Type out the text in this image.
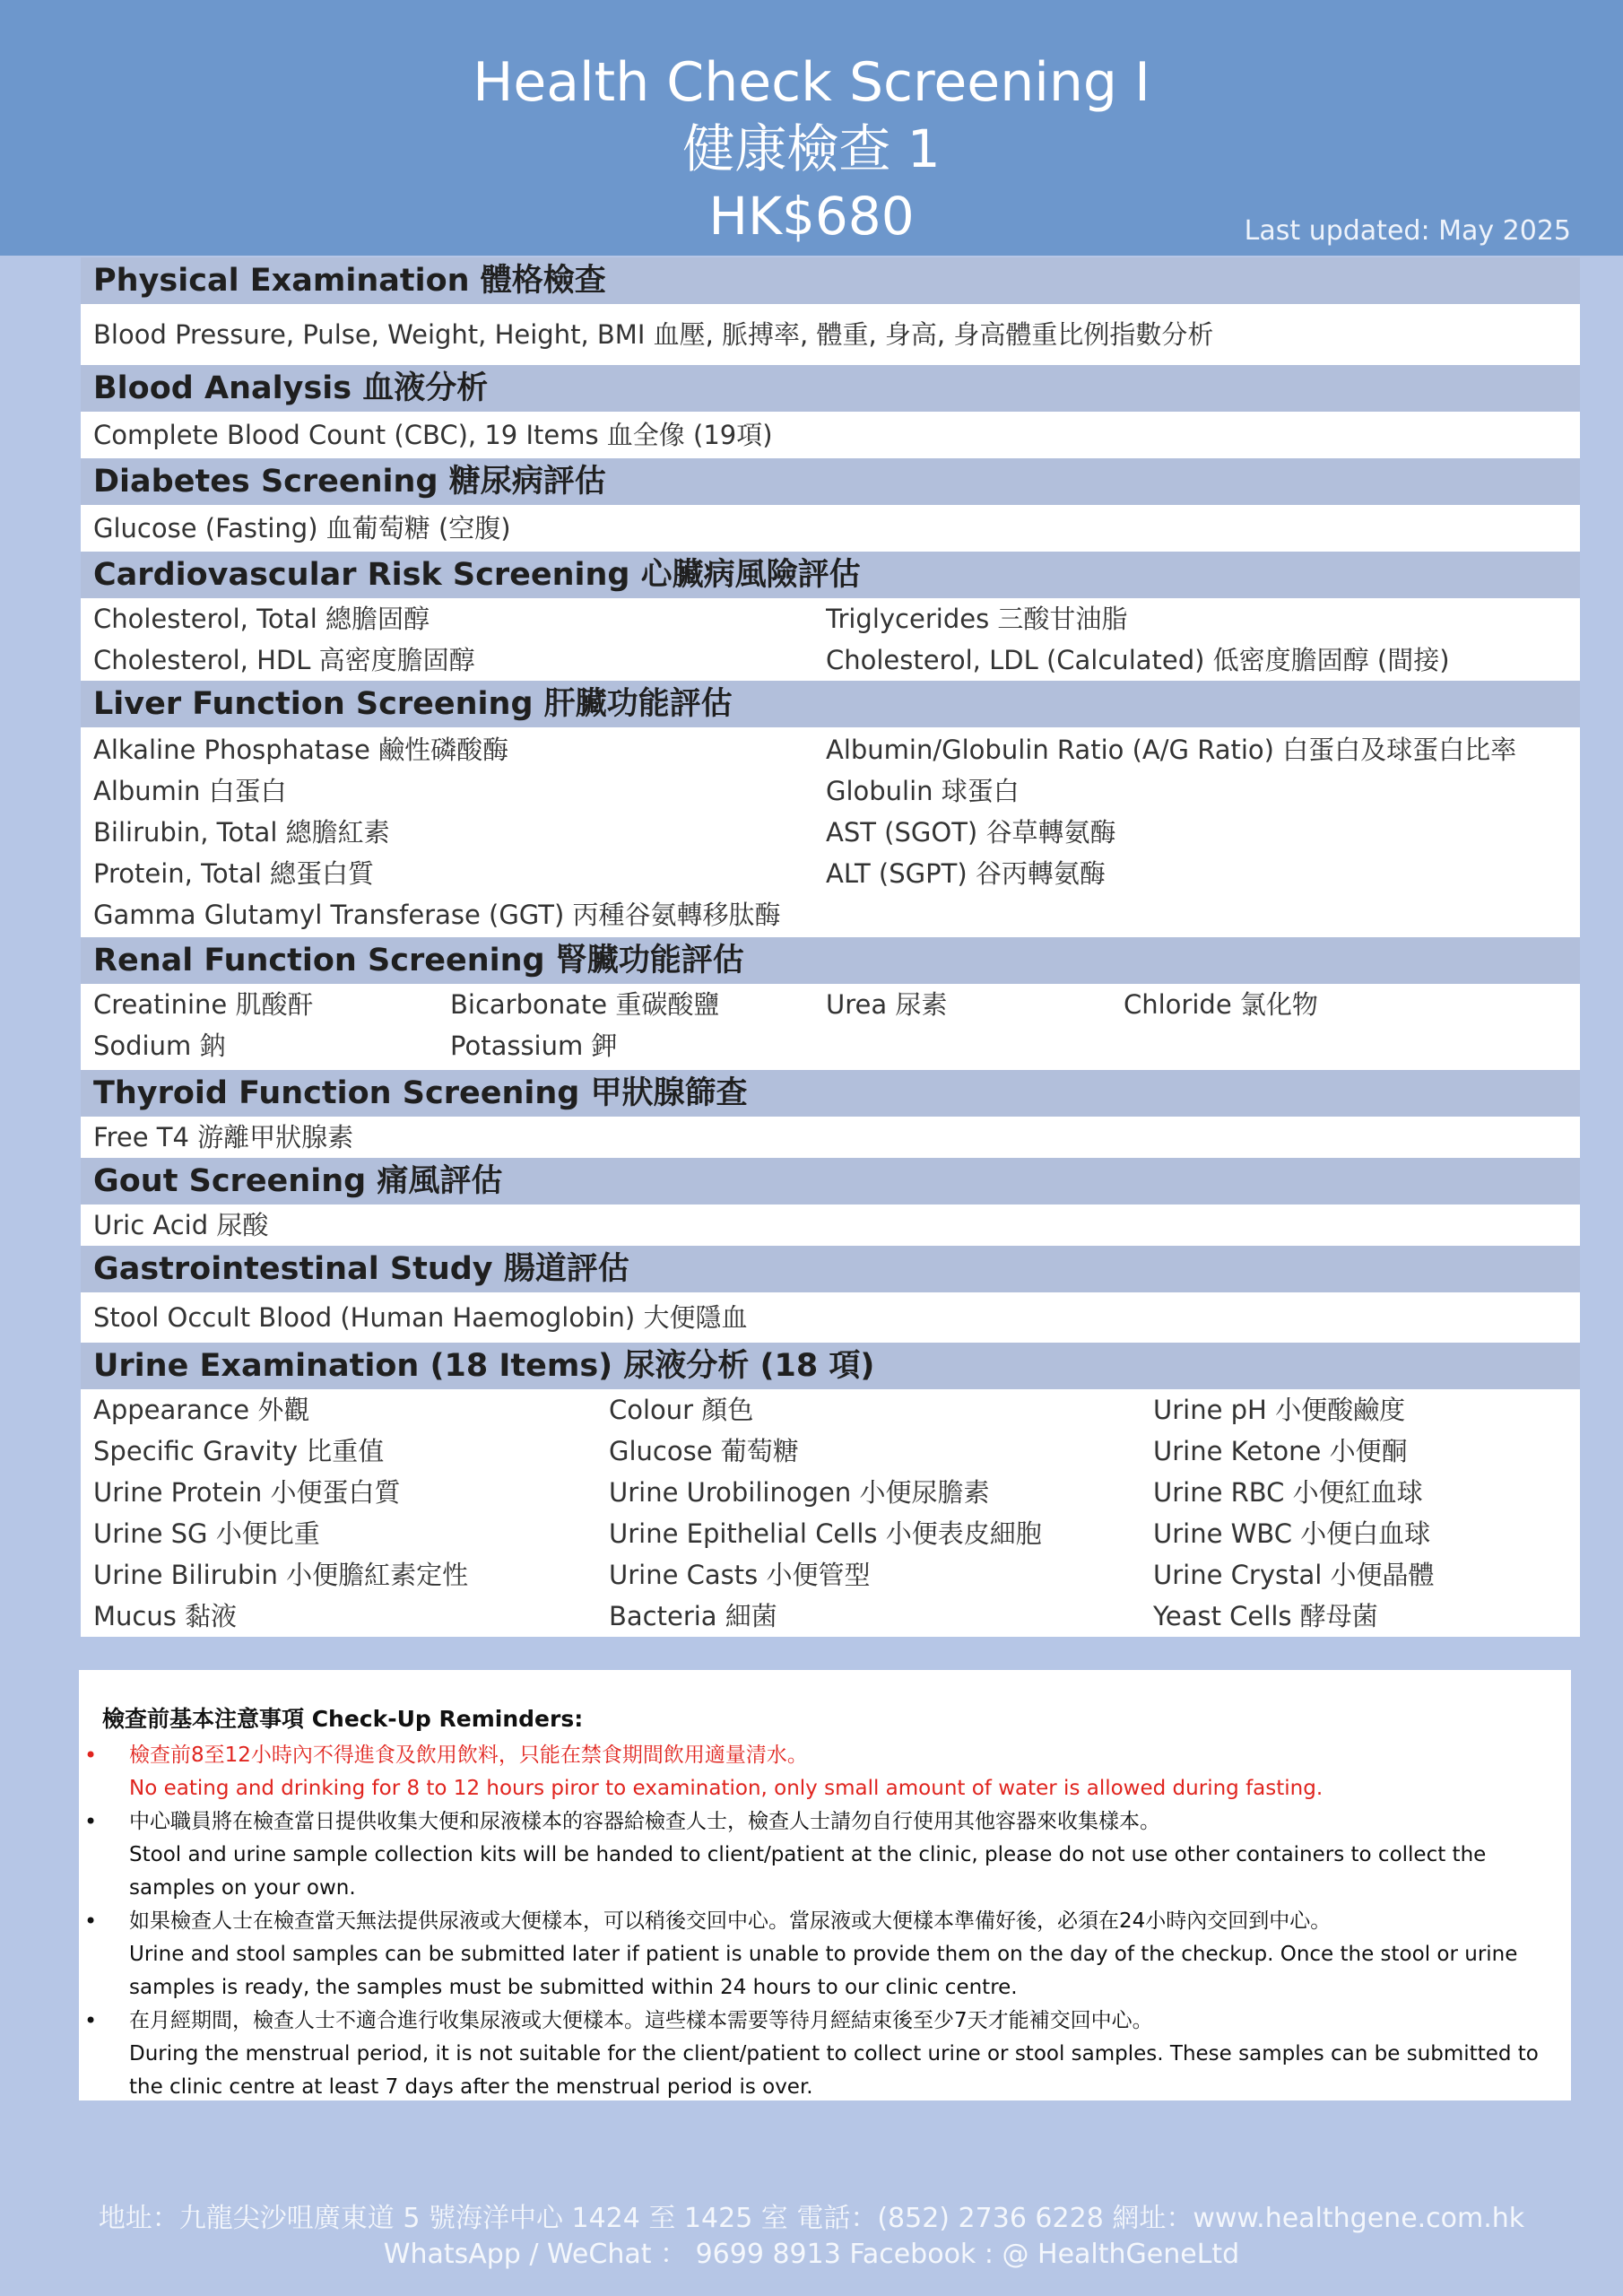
Health Check Screening I
健康檢查 1
HK$680	Last updated: May 2025
Physical Examination 體格檢查
Blood Pressure, Pulse, Weight, Height, BMI 血壓, 脈搏率, 體重, 身高, 身高體重比例指數分析
Blood Analysis 血液分析
Complete Blood Count (CBC), 19 Items 血全像 (19項)
Diabetes Screening 糖尿病評估
Glucose (Fasting) 血葡萄糖 (空腹)
Cardiovascular Risk Screening 心臟病風險評估
Cholesterol, Total 總膽固醇	Triglycerides 三酸甘油脂
Cholesterol, HDL 高密度膽固醇	Cholesterol, LDL (Calculated) 低密度膽固醇 (間接)
Liver Function Screening 肝臟功能評估
Alkaline Phosphatase 鹼性磷酸酶	Albumin/Globulin Ratio (A/G Ratio) 白蛋白及球蛋白比率
Albumin 白蛋白	Globulin 球蛋白
Bilirubin, Total 總膽紅素	AST (SGOT) 谷草轉氨酶
Protein, Total 總蛋白質	ALT (SGPT) 谷丙轉氨酶
Gamma Glutamyl Transferase (GGT) 丙種谷氨轉移肽酶
Renal Function Screening 腎臟功能評估
Creatinine 肌酸酐	Bicarbonate 重碳酸鹽	Urea 尿素	Chloride 氯化物
Sodium 鈉	Potassium 鉀
Thyroid Function Screening 甲狀腺篩查
Free T4 游離甲狀腺素
Gout Screening 痛風評估
Uric Acid 尿酸
Gastrointestinal Study 腸道評估
Stool Occult Blood (Human Haemoglobin) 大便隱血
Urine Examination (18 Items) 尿液分析 (18 項)
Appearance 外觀	Colour 顏色	Urine pH 小便酸鹼度
Specific Gravity 比重值	Glucose 葡萄糖	Urine Ketone 小便酮
Urine Protein 小便蛋白質	Urine Urobilinogen 小便尿膽素	Urine RBC 小便紅血球
Urine SG 小便比重	Urine Epithelial Cells 小便表皮細胞	Urine WBC 小便白血球
Urine Bilirubin 小便膽紅素定性	Urine Casts 小便管型	Urine Crystal 小便晶體
Mucus 黏液	Bacteria 細菌	Yeast Cells 酵母菌
檢查前基本注意事項 Check-Up Reminders:
• 檢查前8至12小時內不得進食及飲用飲料，只能在禁食期間飲用適量清水。

No eating and drinking for 8 to 12 hours piror to examination, only small amount of water is allowed during fasting.

• 中心職員將在檢查當日提供收集大便和尿液樣本的容器給檢查人士，檢查人士請勿自行使用其他容器來收集樣本。

Stool and urine sample collection kits will be handed to client/patient at the clinic, please do not use other containers to collect the samples on your own.

• 如果檢查人士在檢查當天無法提供尿液或大便樣本，可以稍後交回中心。當尿液或大便樣本準備好後，必須在24小時內交回到中心。

Urine and stool samples can be submitted later if patient is unable to provide them on the day of the checkup. Once the stool or urine samples is ready, the samples must be submitted within 24 hours to our clinic centre.

• 在月經期間，檢查人士不適合進行收集尿液或大便樣本。這些樣本需要等待月經結束後至少7天才能補交回中心。

During the menstrual period, it is not suitable for the client/patient to collect urine or stool samples. These samples can be submitted to the clinic centre at least 7 days after the menstrual period is over.

地址：九龍尖沙咀廣東道 5 號海洋中心 1424 至 1425 室 電話：(852) 2736 6228 網址：www.healthgene.com.hk
WhatsApp / WeChat ： 9699 8913 Facebook : @ HealthGeneLtd
